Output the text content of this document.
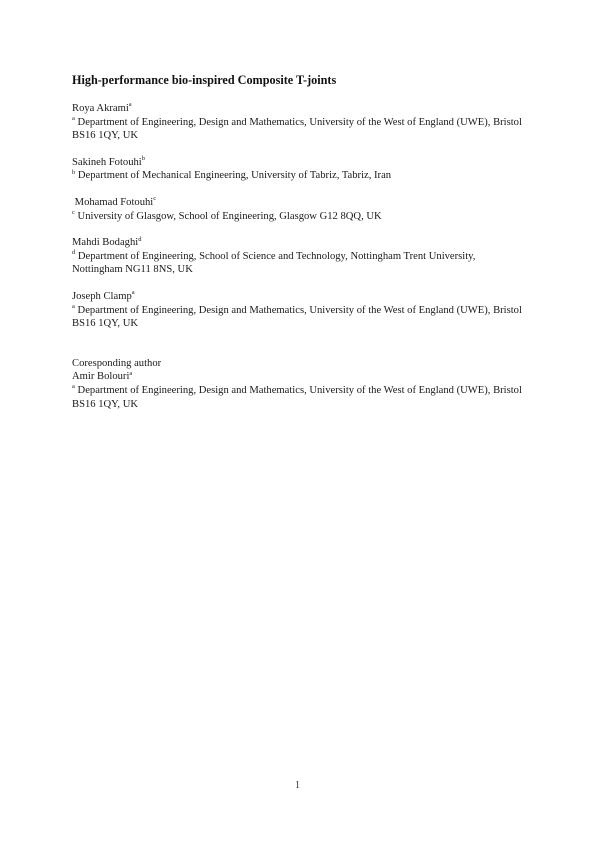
High-performance bio-inspired Composite T-joints
Roya Akrami$^a$
$^a$ Department of Engineering, Design and Mathematics, University of the West of England (UWE), Bristol BS16 1QY, UK
Sakineh Fotouhi$^b$
$^b$ Department of Mechanical Engineering, University of Tabriz, Tabriz, Iran
Mohamad Fotouhi$^c$
$^c$ University of Glasgow, School of Engineering, Glasgow G12 8QQ, UK
Mahdi Bodaghi$^d$
$^d$ Department of Engineering, School of Science and Technology, Nottingham Trent University, Nottingham NG11 8NS, UK
Joseph Clamp$^a$
$^a$ Department of Engineering, Design and Mathematics, University of the West of England (UWE), Bristol BS16 1QY, UK
Coresponding author
Amir Bolouri$^a$
$^a$ Department of Engineering, Design and Mathematics, University of the West of England (UWE), Bristol BS16 1QY, UK
1
